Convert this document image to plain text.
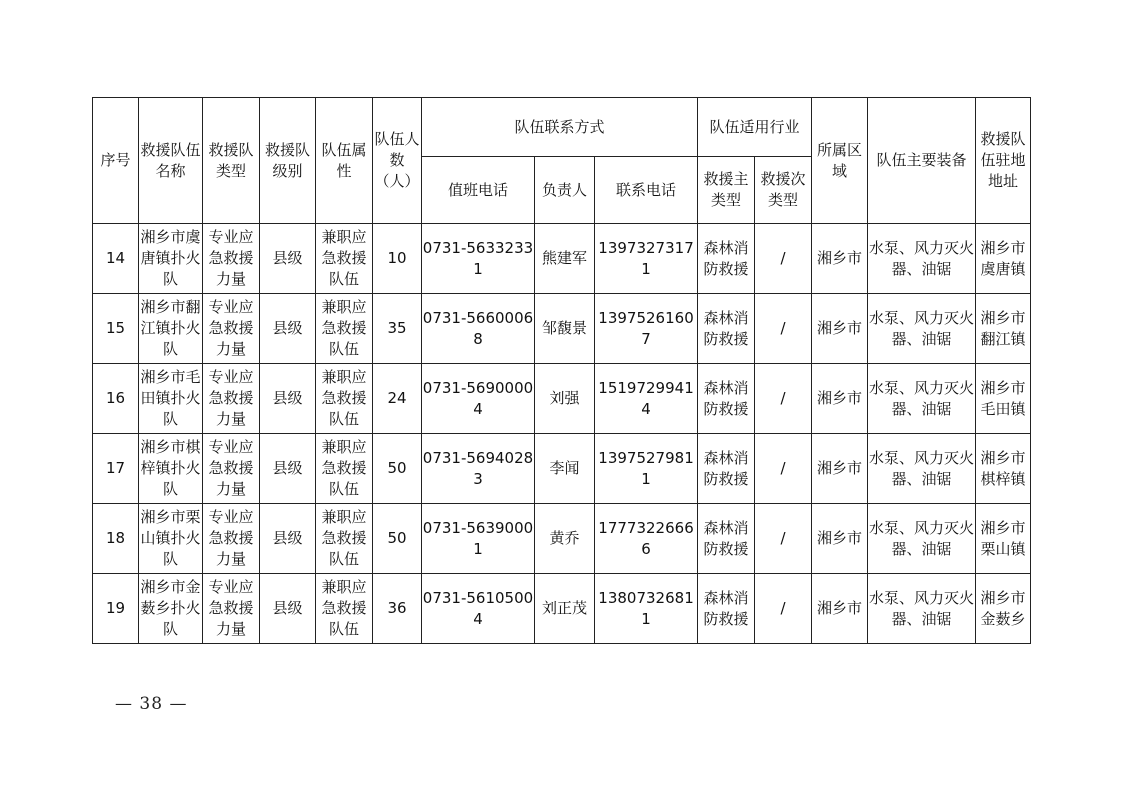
序号	救援队伍名称	救援队类型	救援队级别	队伍属性	队伍人数（人）	队伍联系方式			队伍适用行业		所属区域	队伍主要装备	救援队伍驻地地址
						值班电话	负责人	联系电话	救援主类型	救援次类型			
14	湘乡市虞唐镇扑火队	专业应急救援力量	县级	兼职应急救援队伍	10	0731-56332331	熊建军	13973273171	森林消防救援	/	湘乡市	水泵、风力灭火器、油锯	湘乡市虞唐镇
15	湘乡市翻江镇扑火队	专业应急救援力量	县级	兼职应急救援队伍	35	0731-56600068	邹馥景	13975261607	森林消防救援	/	湘乡市	水泵、风力灭火器、油锯	湘乡市翻江镇
16	湘乡市毛田镇扑火队	专业应急救援力量	县级	兼职应急救援队伍	24	0731-56900004	刘强	15197299414	森林消防救援	/	湘乡市	水泵、风力灭火器、油锯	湘乡市毛田镇
17	湘乡市棋梓镇扑火队	专业应急救援力量	县级	兼职应急救援队伍	50	0731-56940283	李闻	13975279811	森林消防救援	/	湘乡市	水泵、风力灭火器、油锯	湘乡市棋梓镇
18	湘乡市栗山镇扑火队	专业应急救援力量	县级	兼职应急救援队伍	50	0731-56390001	黄乔	17773226666	森林消防救援	/	湘乡市	水泵、风力灭火器、油锯	湘乡市栗山镇
19	湘乡市金薮乡扑火队	专业应急救援力量	县级	兼职应急救援队伍	36	0731-56105004	刘正茂	13807326811	森林消防救援	/	湘乡市	水泵、风力灭火器、油锯	湘乡市金薮乡
— 38 —
